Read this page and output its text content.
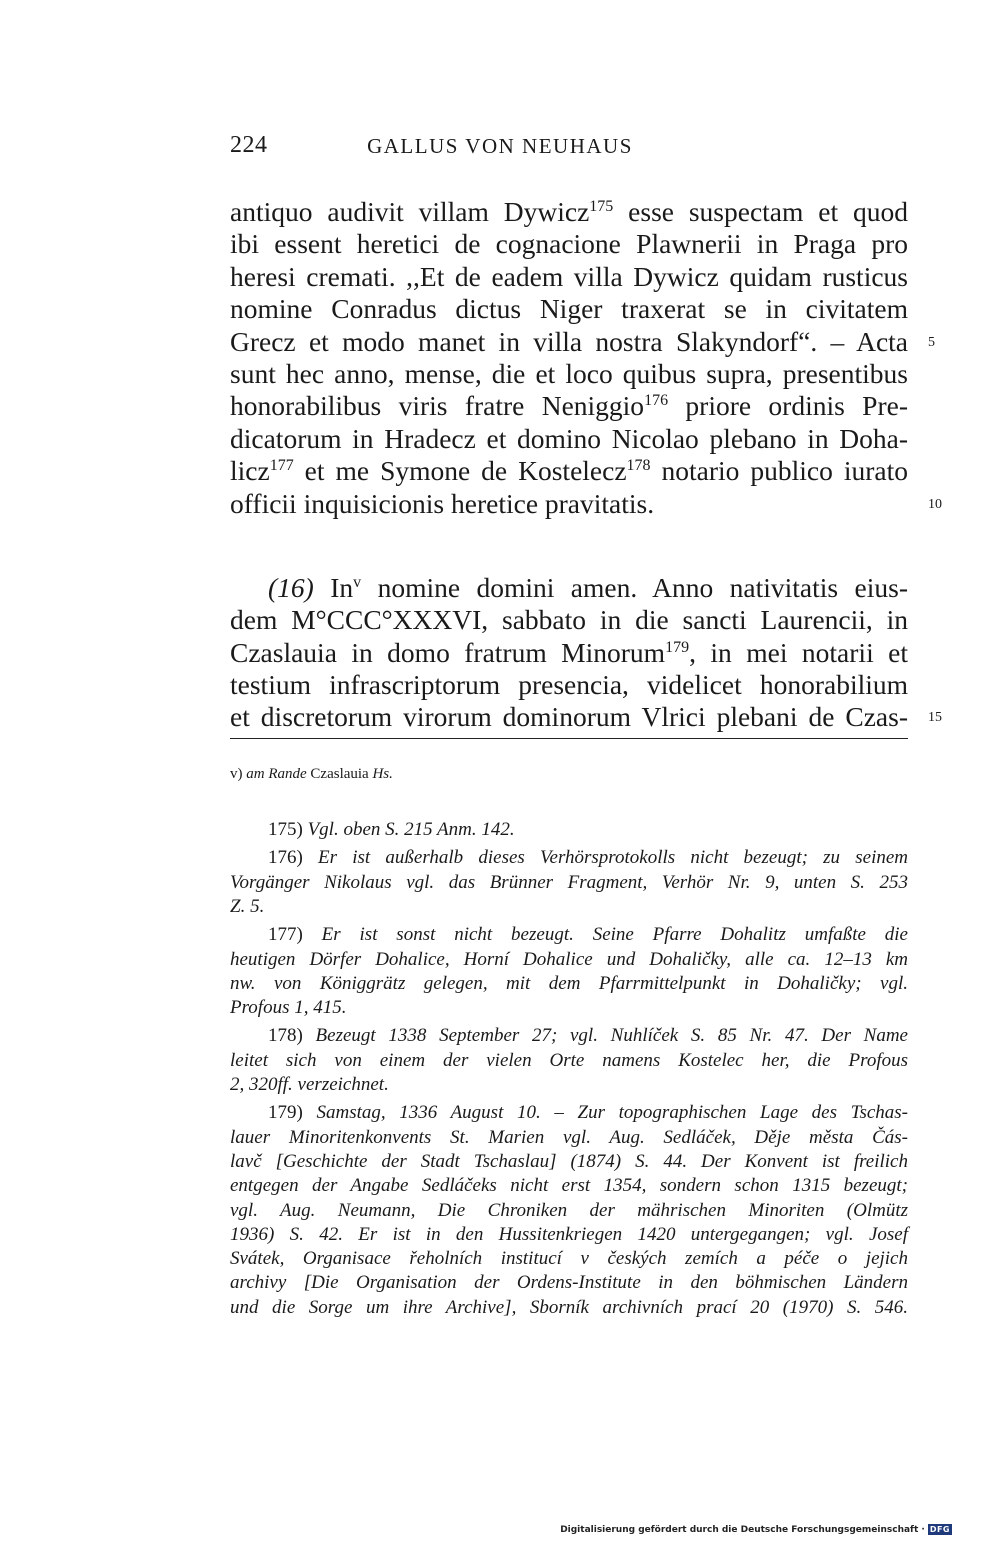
224	GALLUS VON NEUHAUS
antiquo audivit villam Dywicz$^{175}$ esse suspectam et quod
ibi essent heretici de cognacione Plawnerii in Praga pro
heresi cremati. ,,Et de eadem villa Dywicz quidam rusticus
nomine Conradus dictus Niger traxerat se in civitatem
Grecz et modo manet in villa nostra Slakyndorf“. – Acta
sunt hec anno, mense, die et loco quibus supra, presentibus
honorabilibus viris fratre Neniggio$^{176}$ priore ordinis Pre-
dicatorum in Hradecz et domino Nicolao plebano in Doha-
licz$^{177}$ et me Symone de Kostelecz$^{178}$ notario publico iurato
officii inquisicionis heretice pravitatis.
(16) In$^v$ nomine domini amen. Anno nativitatis eius-
dem M°CCC°XXXVI, sabbato in die sancti Laurencii, in
Czaslauia in domo fratrum Minorum$^{179}$, in mei notarii et
testium infrascriptorum presencia, videlicet honorabilium
et discretorum virorum dominorum Vlrici plebani de Czas-
5
10
15
v) am Rande Czaslauia Hs.
175) Vgl. oben S. 215 Anm. 142.
176) Er ist außerhalb dieses Verhörsprotokolls nicht bezeugt; zu seinem
Vorgänger Nikolaus vgl. das Brünner Fragment, Verhör Nr. 9, unten S. 253
Z. 5.
177) Er ist sonst nicht bezeugt. Seine Pfarre Dohalitz umfaßte die
heutigen Dörfer Dohalice, Horní Dohalice und Dohaličky, alle ca. 12–13 km
nw. von Königgrätz gelegen, mit dem Pfarrmittelpunkt in Dohaličky; vgl.
Profous 1, 415.
178) Bezeugt 1338 September 27; vgl. Nuhlíček S. 85 Nr. 47. Der Name
leitet sich von einem der vielen Orte namens Kostelec her, die Profous
2, 320ff. verzeichnet.
179) Samstag, 1336 August 10. – Zur topographischen Lage des Tschas-
lauer Minoritenkonvents St. Marien vgl. Aug. Sedláček, Děje města Čás-
lavč [Geschichte der Stadt Tschaslau] (1874) S. 44. Der Konvent ist freilich
entgegen der Angabe Sedláčeks nicht erst 1354, sondern schon 1315 bezeugt;
vgl. Aug. Neumann, Die Chroniken der mährischen Minoriten (Olmütz
1936) S. 42. Er ist in den Hussitenkriegen 1420 untergegangen; vgl. Josef
Svátek, Organisace řeholních institucí v českých zemích a péče o jejich
archivy [Die Organisation der Ordens-Institute in den böhmischen Ländern
und die Sorge um ihre Archive], Sborník archivních prací 20 (1970) S. 546.
Digitalisierung gefördert durch die Deutsche Forschungsgemeinschaft · DFG
